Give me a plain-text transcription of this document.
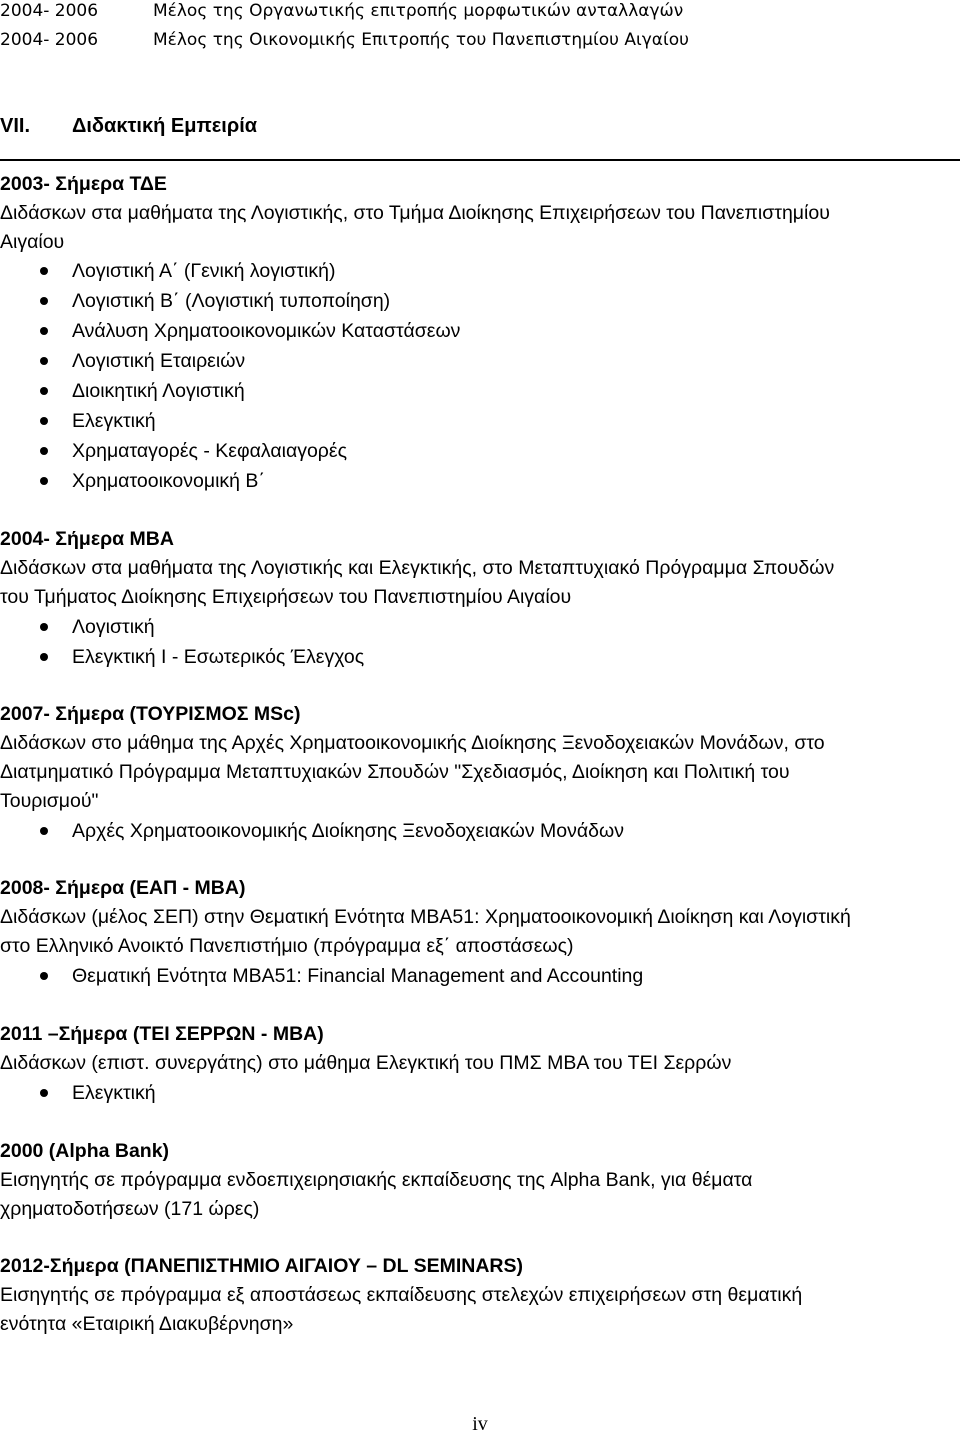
2004- 2006	Μέλος της Οργανωτικής επιτροπής μορφωτικών ανταλλαγών
2004- 2006	Μέλος της Οικονομικής Επιτροπής του Πανεπιστημίου Αιγαίου
VII. Διδακτική Εμπειρία
2003- Σήμερα ΤΔΕ
Διδάσκων στα μαθήματα της Λογιστικής, στο Τμήμα Διοίκησης Επιχειρήσεων του Πανεπιστημίου
Αιγαίου
Λογιστική Α΄ (Γενική λογιστική)
Λογιστική Β΄ (Λογιστική τυποποίηση)
Ανάλυση Χρηματοοικονομικών Καταστάσεων
Λογιστική Εταιρειών
Διοικητική Λογιστική
Ελεγκτική
Χρηματαγορές - Κεφαλαιαγορές
Χρηματοοικονομική Β΄
2004- Σήμερα ΜΒΑ
Διδάσκων στα μαθήματα της Λογιστικής και Ελεγκτικής, στο Μεταπτυχιακό Πρόγραμμα Σπουδών
του Τμήματος Διοίκησης Επιχειρήσεων του Πανεπιστημίου Αιγαίου
Λογιστική
Ελεγκτική Ι - Εσωτερικός Έλεγχος
2007- Σήμερα (ΤΟΥΡΙΣΜΟΣ MSc)
Διδάσκων στο μάθημα της Αρχές Χρηματοοικονομικής Διοίκησης Ξενοδοχειακών Μονάδων, στο
Διατμηματικό Πρόγραμμα Μεταπτυχιακών Σπουδών "Σχεδιασμός, Διοίκηση και Πολιτική του
Τουρισμού"
Αρχές Χρηματοοικονομικής Διοίκησης Ξενοδοχειακών Μονάδων
2008- Σήμερα (ΕΑΠ - ΜΒΑ)
Διδάσκων (μέλος ΣΕΠ) στην Θεματική Ενότητα ΜΒΑ51: Χρηματοοικονομική Διοίκηση και Λογιστική
στο Ελληνικό Ανοικτό Πανεπιστήμιο (πρόγραμμα εξ΄ αποστάσεως)
Θεματική Ενότητα ΜΒΑ51: Financial Management and Accounting
2011 –Σήμερα (ΤΕΙ ΣΕΡΡΩΝ - ΜΒΑ)
Διδάσκων (επιστ. συνεργάτης) στο μάθημα Ελεγκτική του ΠΜΣ ΜΒΑ του ΤΕΙ Σερρών
Ελεγκτική
2000 (Alpha Bank)
Εισηγητής σε πρόγραμμα ενδοεπιχειρησιακής εκπαίδευσης της Alpha Bank, για θέματα
χρηματοδοτήσεων (171 ώρες)
2012-Σήμερα (ΠΑΝΕΠΙΣΤΗΜΙΟ ΑΙΓΑΙΟΥ – DL SEMINARS)
Εισηγητής σε πρόγραμμα εξ αποστάσεως εκπαίδευσης στελεχών επιχειρήσεων στη θεματική
ενότητα «Εταιρική Διακυβέρνηση»
iv
